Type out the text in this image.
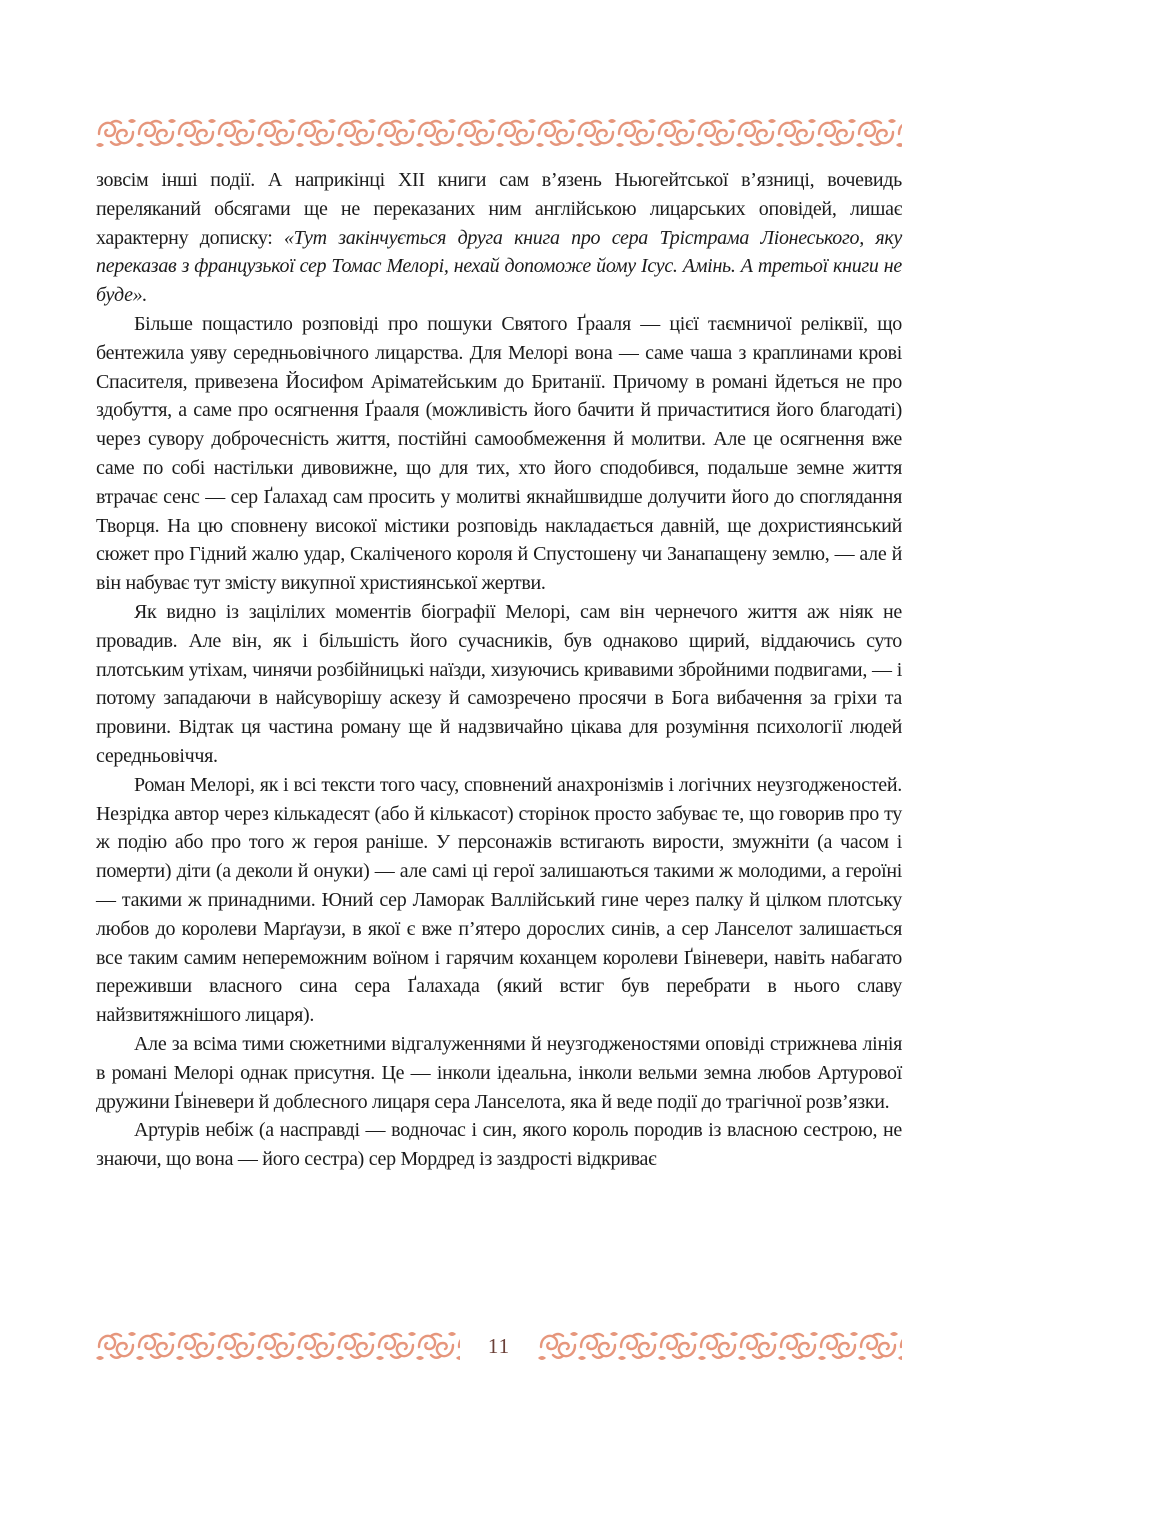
зовсім інші події. А наприкінці XII книги сам в’язень Ньюгейтської в’язниці, вочевидь переляканий обсягами ще не переказаних ним англійською лицарських оповідей, лишає характерну дописку: «Тут закінчується друга книга про сера Трістрама Ліонеського, яку переказав з французької сер Томас Мелорі, нехай допоможе йому Ісус. Амінь. А третьої книги не буде».

Більше пощастило розповіді про пошуки Святого Ґрааля — цієї таємничої реліквії, що бентежила уяву середньовічного лицарства. Для Мелорі вона — саме чаша з краплинами крові Спасителя, привезена Йосифом Аріматейським до Британії. Причому в романі йдеться не про здобуття, а саме про осягнення Ґрааля (можливість його бачити й причаститися його благодаті) через сувору доброчесність життя, постійні самообмеження й молитви. Але це осягнення вже саме по собі настільки дивовижне, що для тих, хто його сподобився, подальше земне життя втрачає сенс — сер Ґалахад сам просить у молитві якнайшвидше долучити його до споглядання Творця. На цю сповнену високої містики розповідь накладається давній, ще дохристиянський сюжет про Гідний жалю удар, Скаліченого короля й Спустошену чи Занапащену землю, — але й він набуває тут змісту викупної християнської жертви.

Як видно із зацілілих моментів біографії Мелорі, сам він чернечого життя аж ніяк не провадив. Але він, як і більшість його сучасників, був однаково щирий, віддаючись суто плотським утіхам, чинячи розбійницькі наїзди, хизуючись кривавими збройними подвигами, — і потому западаючи в найсуворішу аскезу й самозречено просячи в Бога вибачення за гріхи та провини. Відтак ця частина роману ще й надзвичайно цікава для розуміння психології людей середньовіччя.

Роман Мелорі, як і всі тексти того часу, сповнений анахронізмів і логічних неузгодженостей. Незрідка автор через кількадесят (або й кількасот) сторінок просто забуває те, що говорив про ту ж подію або про того ж героя раніше. У персонажів встигають вирости, змужніти (а часом і померти) діти (а деколи й онуки) — але самі ці герої залишаються такими ж молодими, а героїні — такими ж принадними. Юний сер Ламорак Валлійський гине через палку й цілком плотську любов до королеви Марґаузи, в якої є вже п’ятеро дорослих синів, а сер Ланселот залишається все таким самим непереможним воїном і гарячим коханцем королеви Ґвіневери, навіть набагато переживши власного сина сера Ґалахада (який встиг був перебрати в нього славу найзвитяжнішого лицаря).

Але за всіма тими сюжетними відгалуженнями й неузгодженостями оповіді стрижнева лінія в романі Мелорі однак присутня. Це — інколи ідеальна, інколи вельми земна любов Артурової дружини Ґвіневери й доблесного лицаря сера Ланселота, яка й веде події до трагічної розв’язки.

Артурів небіж (а насправді — водночас і син, якого король породив із власною сестрою, не знаючи, що вона — його сестра) сер Мордред із заздрості відкриває

11
